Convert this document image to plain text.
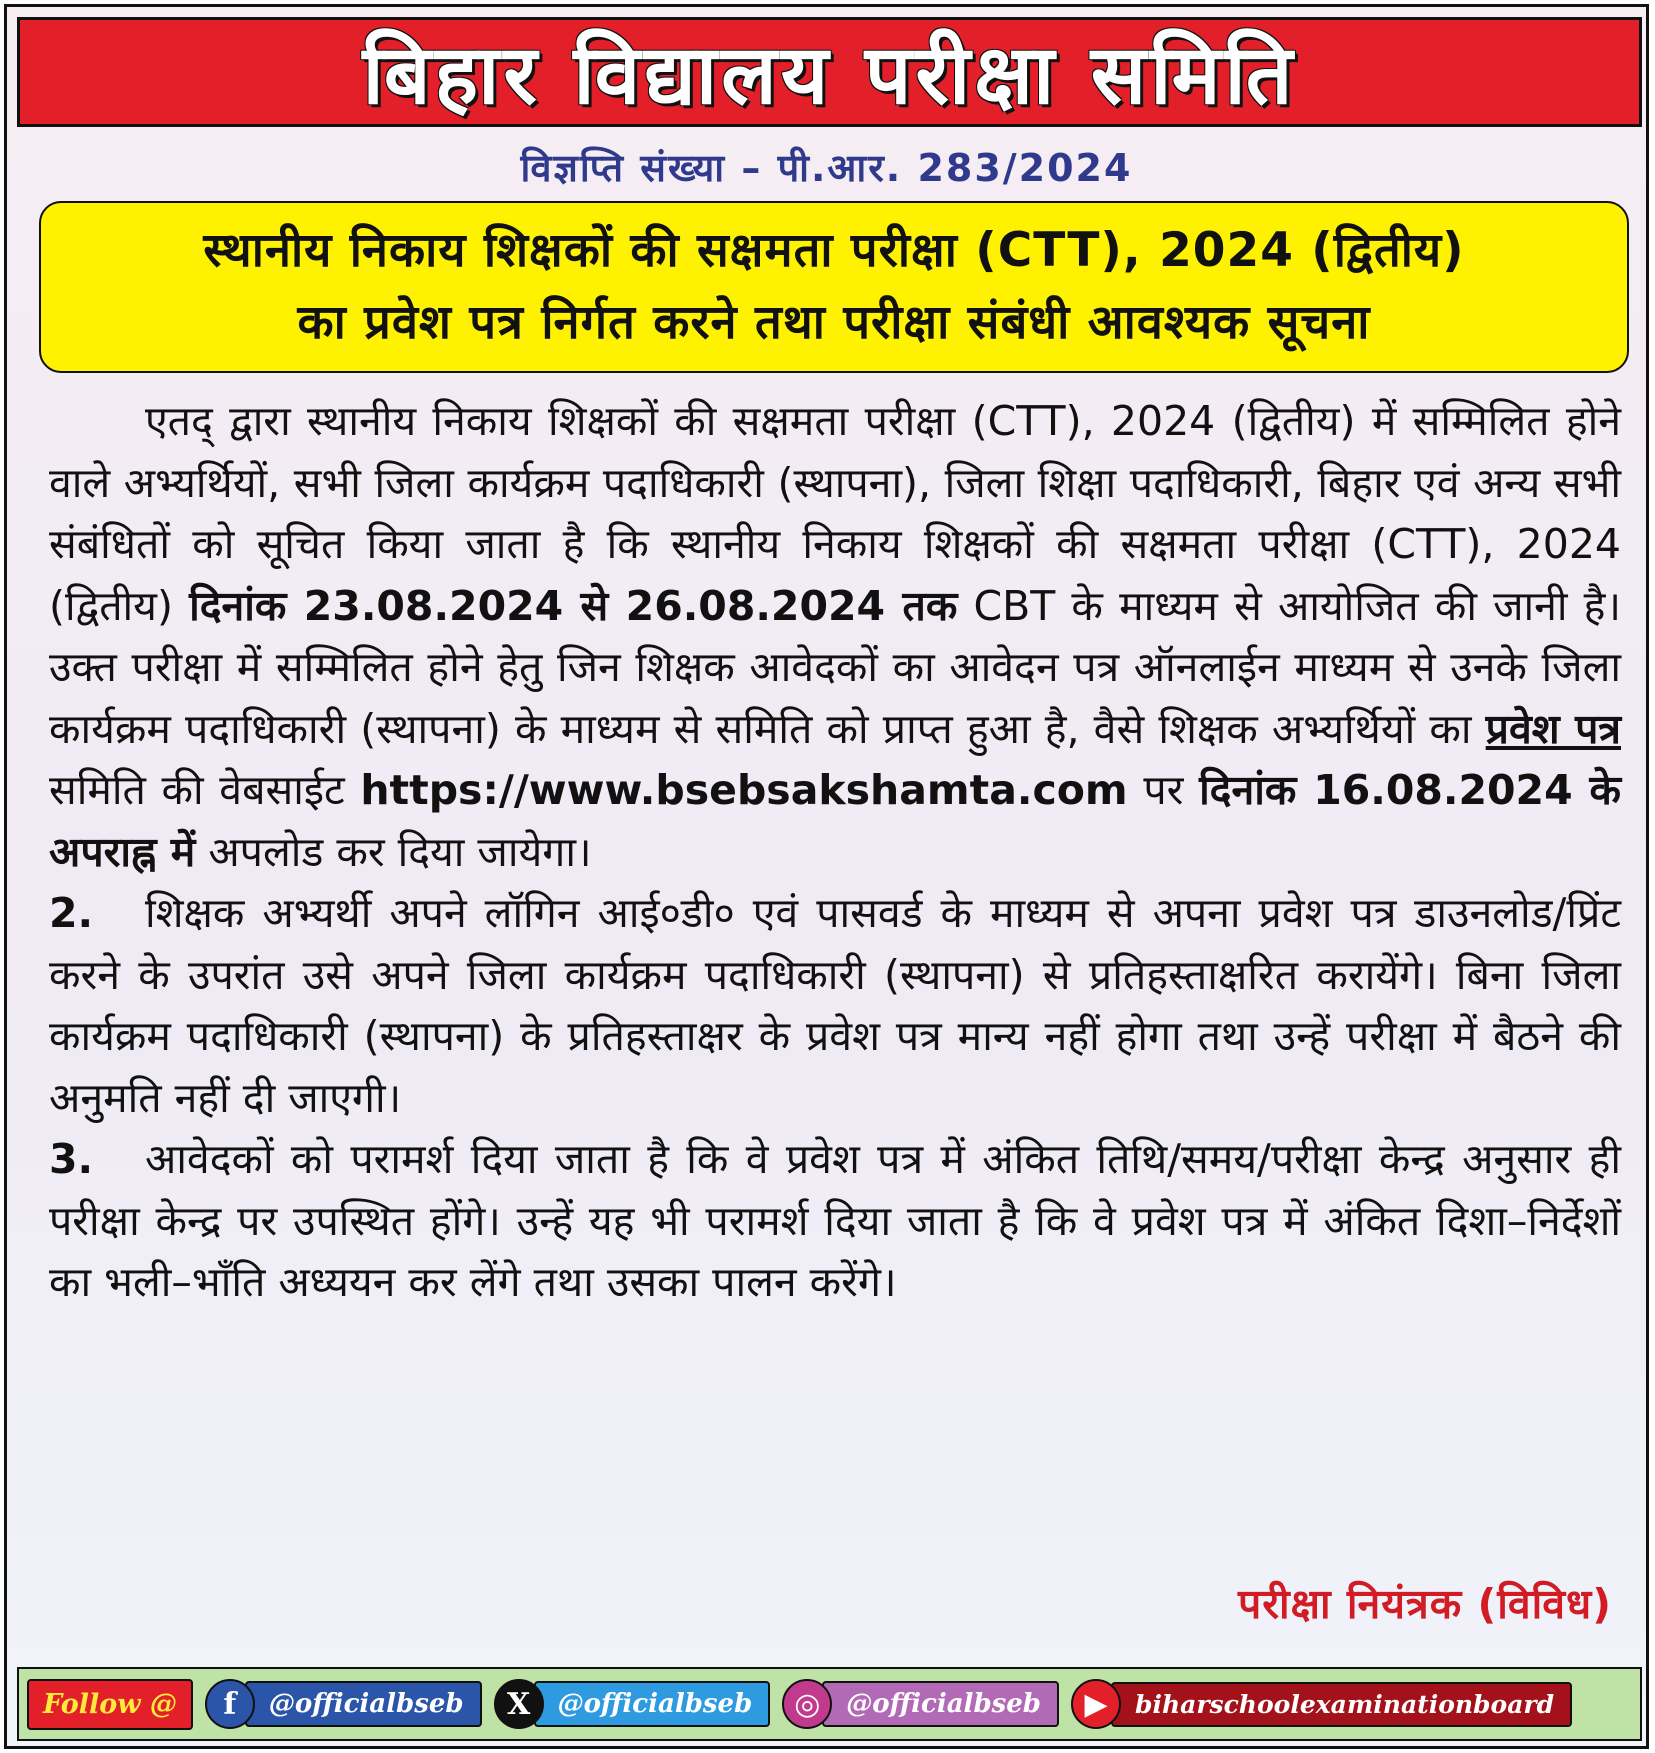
बिहार विद्यालय परीक्षा समिति
विज्ञप्ति संख्या – पी.आर. 283/2024
स्थानीय निकाय शिक्षकों की सक्षमता परीक्षा (CTT), 2024 (द्वितीय)
का प्रवेश पत्र निर्गत करने तथा परीक्षा संबंधी आवश्यक सूचना

एतद् द्वारा स्थानीय निकाय शिक्षकों की सक्षमता परीक्षा (CTT), 2024 (द्वितीय) में सम्मिलित होने वाले अभ्यर्थियों, सभी जिला कार्यक्रम पदाधिकारी (स्थापना), जिला शिक्षा पदाधिकारी, बिहार एवं अन्य सभी संबंधितों को सूचित किया जाता है कि स्थानीय निकाय शिक्षकों की सक्षमता परीक्षा (CTT), 2024 (द्वितीय) दिनांक 23.08.2024 से 26.08.2024 तक CBT के माध्यम से आयोजित की जानी है। उक्त परीक्षा में सम्मिलित होने हेतु जिन शिक्षक आवेदकों का आवेदन पत्र ऑनलाईन माध्यम से उनके जिला कार्यक्रम पदाधिकारी (स्थापना) के माध्यम से समिति को प्राप्त हुआ है, वैसे शिक्षक अभ्यर्थियों का प्रवेश पत्र समिति की वेबसाईट https://www.bsebsakshamta.com पर दिनांक 16.08.2024 के अपराह्न में अपलोड कर दिया जायेगा।

2. शिक्षक अभ्यर्थी अपने लॉगिन आई०डी० एवं पासवर्ड के माध्यम से अपना प्रवेश पत्र डाउनलोड/प्रिंट करने के उपरांत उसे अपने जिला कार्यक्रम पदाधिकारी (स्थापना) से प्रतिहस्ताक्षरित करायेंगे। बिना जिला कार्यक्रम पदाधिकारी (स्थापना) के प्रतिहस्ताक्षर के प्रवेश पत्र मान्य नहीं होगा तथा उन्हें परीक्षा में बैठने की अनुमति नहीं दी जाएगी।

3. आवेदकों को परामर्श दिया जाता है कि वे प्रवेश पत्र में अंकित तिथि/समय/परीक्षा केन्द्र अनुसार ही परीक्षा केन्द्र पर उपस्थित होंगे। उन्हें यह भी परामर्श दिया जाता है कि वे प्रवेश पत्र में अंकित दिशा–निर्देशों का भली–भाँति अध्ययन कर लेंगे तथा उसका पालन करेंगे।

परीक्षा नियंत्रक (विविध)
Follow @	f	@officialbseb	X	@officialbseb	◎ @officialbseb	▶	biharschoolexaminationboard
